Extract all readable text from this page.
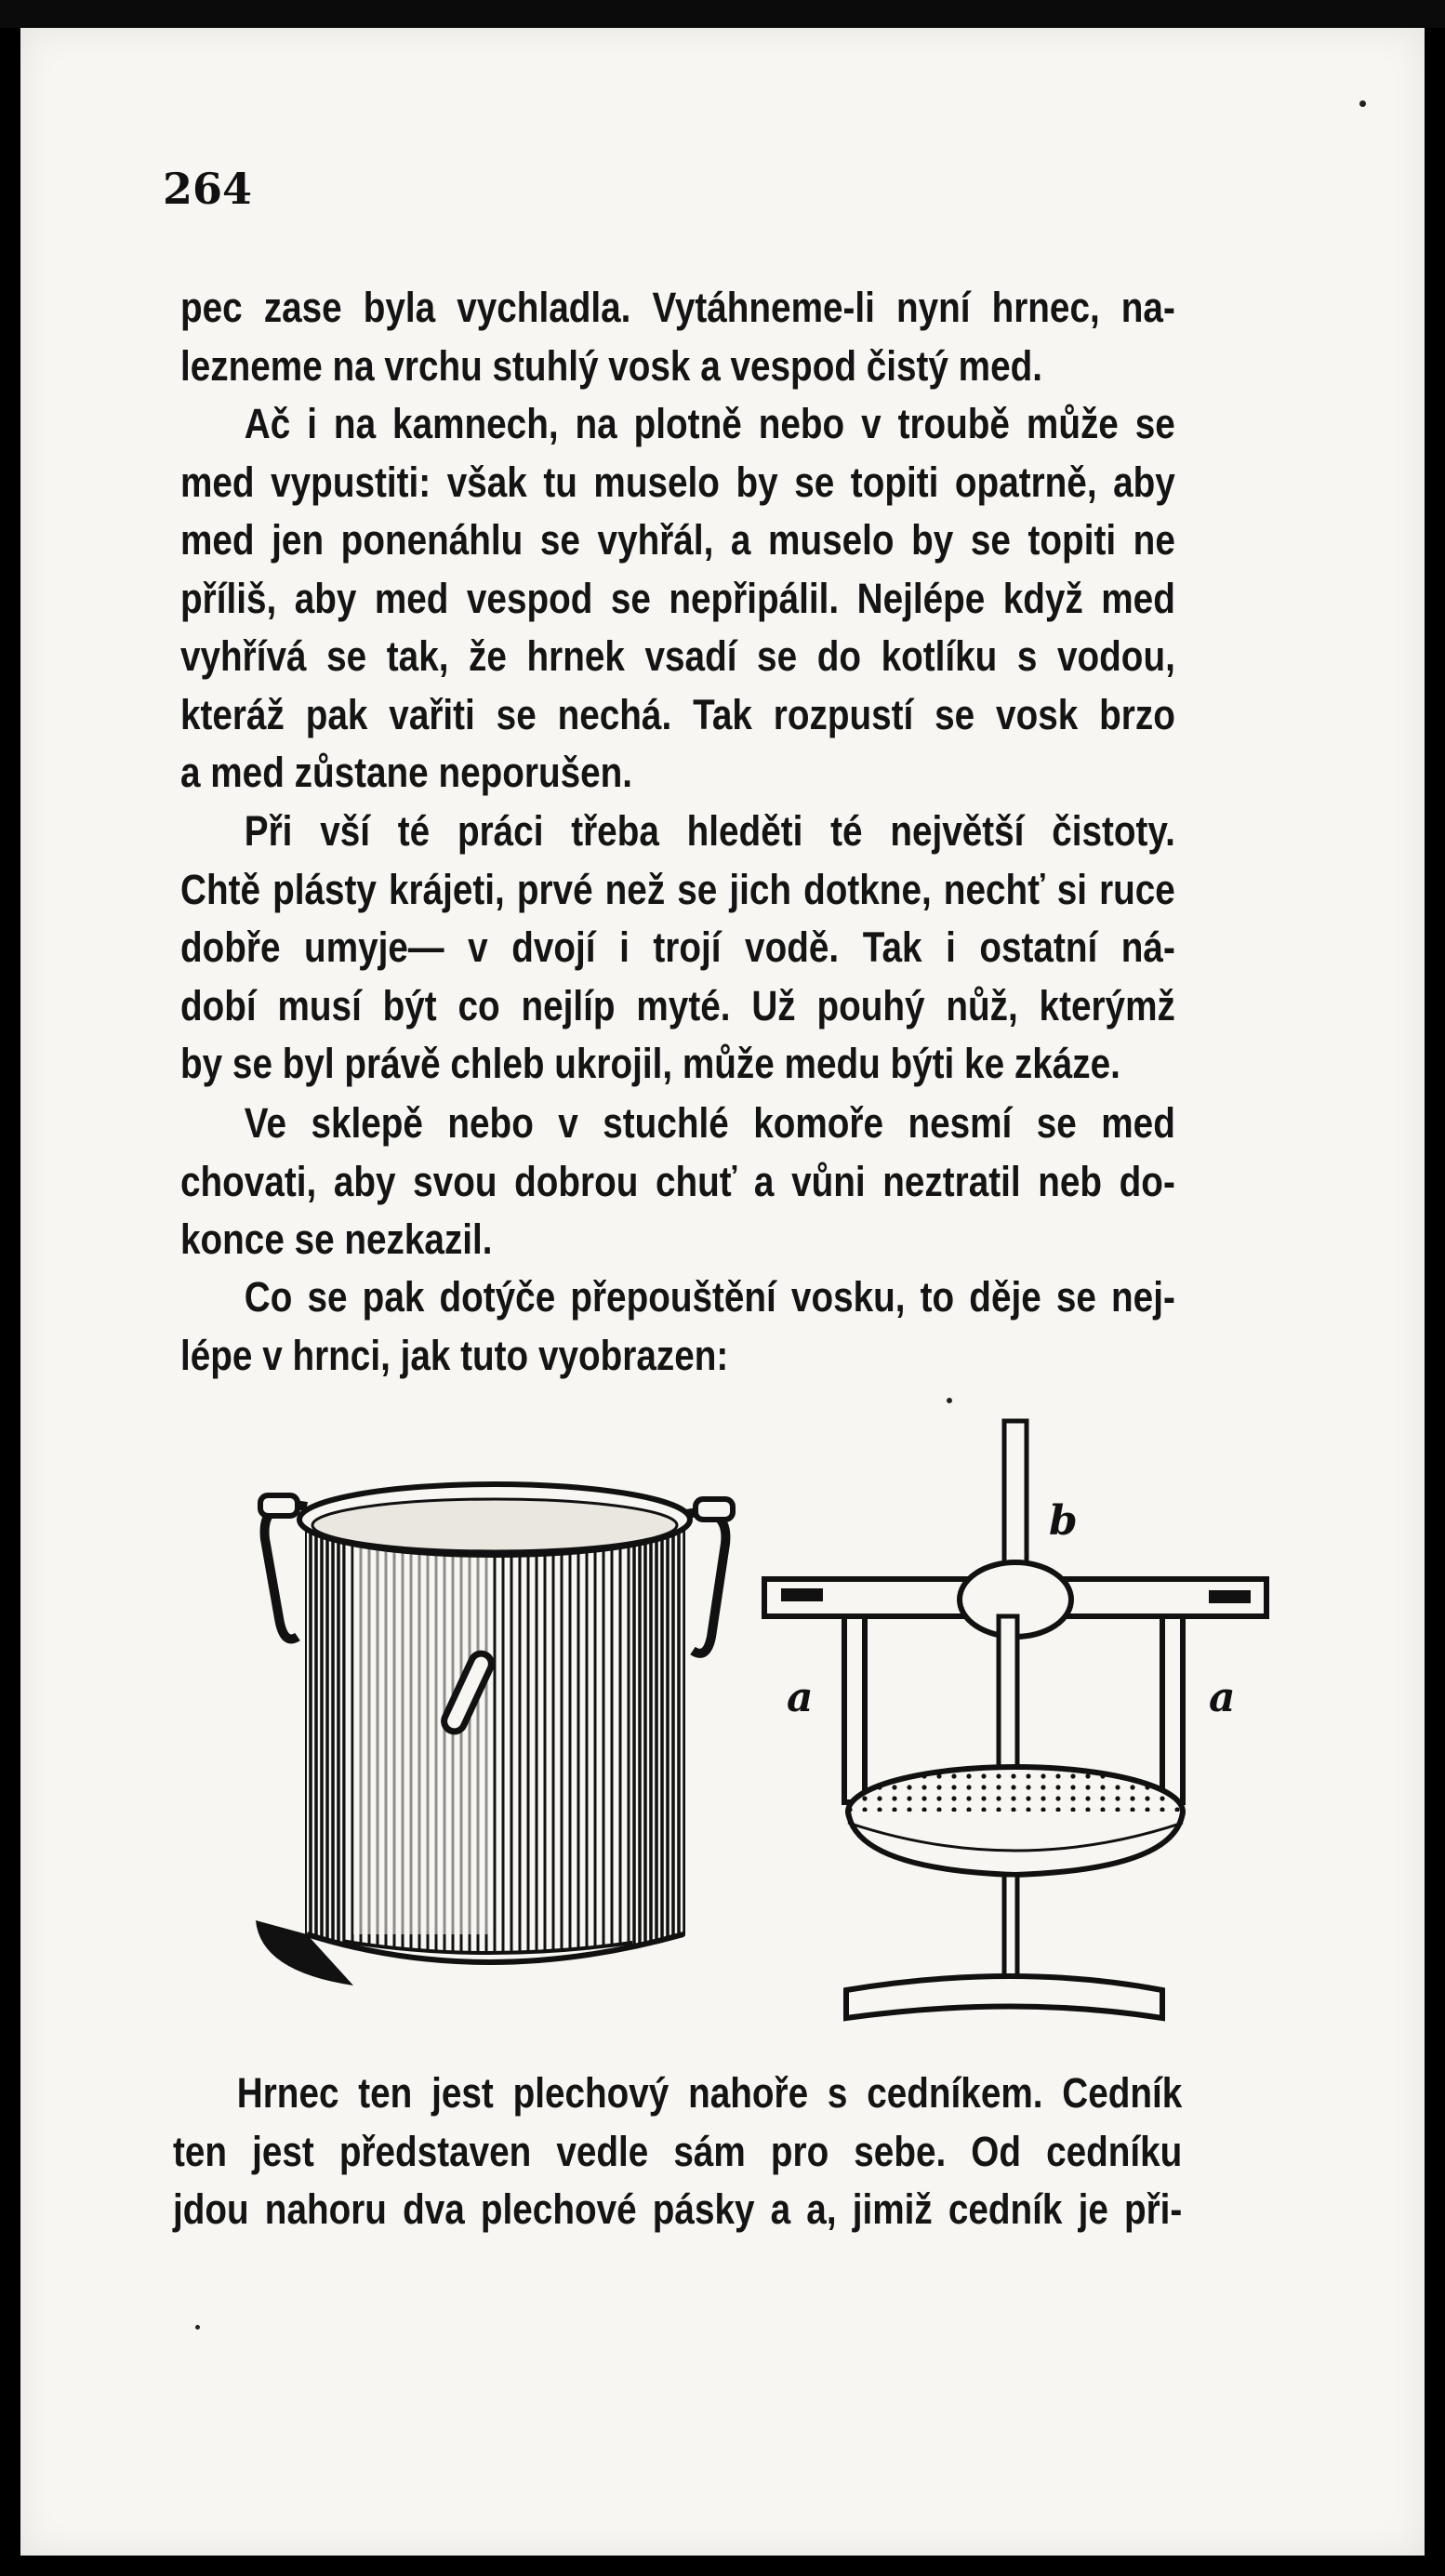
264

pec zase byla vychladla. Vytáhneme-li nyní hrnec, na-
lezneme na vrchu stuhlý vosk a vespod čistý med.

Ač i na kamnech, na plotně nebo v troubě může se
med vypustiti: však tu muselo by se topiti opatrně, aby
med jen ponenáhlu se vyhřál, a muselo by se topiti ne
příliš, aby med vespod se nepřipálil. Nejlépe když med
vyhřívá se tak, že hrnek vsadí se do kotlíku s vodou,
kteráž pak vařiti se nechá. Tak rozpustí se vosk brzo
a med zůstane neporušen.

Při vší té práci třeba hleděti té největší čistoty.
Chtě plásty krájeti, prvé než se jich dotkne, nechť si ruce
dobře umyje— v dvojí i trojí vodě. Tak i ostatní ná-
dobí musí být co nejlíp myté. Už pouhý nůž, kterýmž
by se byl právě chleb ukrojil, může medu býti ke zkáze.

Ve sklepě nebo v stuchlé komoře nesmí se med
chovati, aby svou dobrou chuť a vůni neztratil neb do-
konce se nezkazil.

Co se pak dotýče přepouštění vosku, to děje se nej-
lépe v hrnci, jak tuto vyobrazen:

b
a	a

Hrnec ten jest plechový nahoře s cedníkem. Cedník
ten jest představen vedle sám pro sebe. Od cedníku
jdou nahoru dva plechové pásky a a, jimiž cedník je při-
